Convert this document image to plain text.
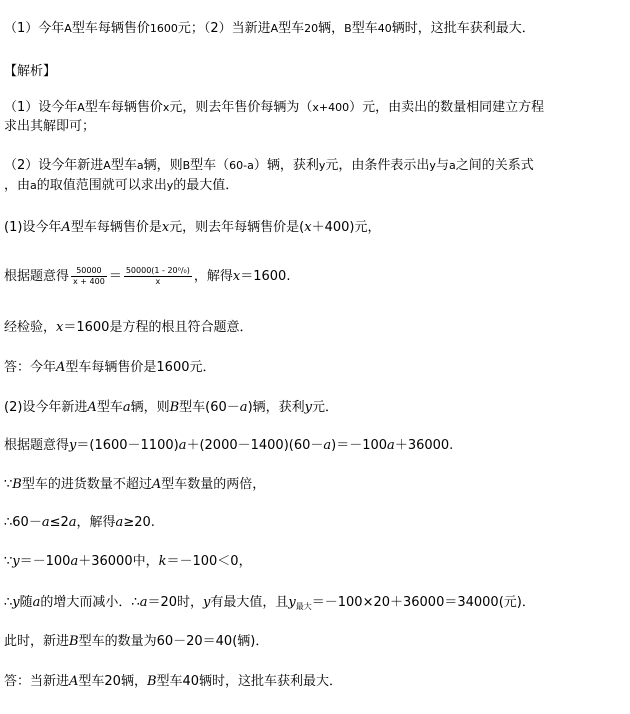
（1）今年A型车每辆售价1600元；（2）当新进A型车20辆，B型车40辆时，这批车获利最大．
【解析】
（1）设今年A型车每辆售价x元，则去年售价每辆为（x+400）元，由卖出的数量相同建立方程
求出其解即可；
（2）设今年新进A型车a辆，则B型车（60-a）辆，获利y元，由条件表示出y与a之间的关系式
，由a的取值范围就可以求出y的最大值．
(1)设今年A型车每辆售价是x元，则去年每辆售价是(x＋400)元，
根据题意得 $\frac{50000}{x + 400} = \frac{\text{50000(1 - 20⁰/₀)}}{x}$ ，解得x＝1600.
经检验，x＝1600是方程的根且符合题意．
答：今年A型车每辆售价是1600元．
(2)设今年新进A型车a辆，则B型车(60－a)辆，获利y元．
根据题意得y＝(1600－1100)a＋(2000－1400)(60－a)＝－100a＋36000.
∵B型车的进货数量不超过A型车数量的两倍，
∴60－a≤2a，解得a≥20.
∵y＝－100a＋36000中，k＝－100＜0，
∴y随a的增大而减小．∴a＝20时，y有最大值，且$y_{最大}=-100\times 20+36000=34000$(元)．
此时，新进B型车的数量为60－20＝40(辆)．
答：当新进A型车20辆，B型车40辆时，这批车获利最大．
